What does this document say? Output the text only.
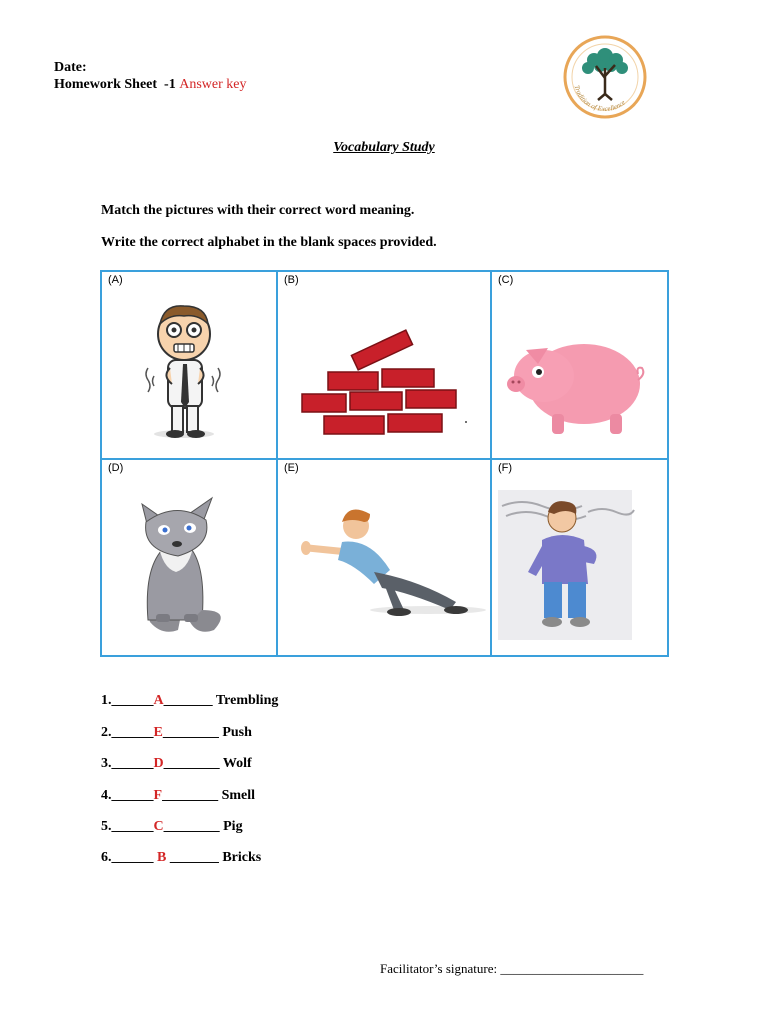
Date:
Homework Sheet  -1 Answer key	Tradition of Excellence
Vocabulary Study
Match the pictures with their correct word meaning.
Write the correct alphabet in the blank spaces provided.
(A)	(B)	(C)
(D)	(E)	(F)
1.______A_______ Trembling
2.______E________ Push
3.______D________ Wolf
4.______F________ Smell
5.______C________ Pig
6.______ B _______ Bricks
Facilitator’s signature: ______________________
